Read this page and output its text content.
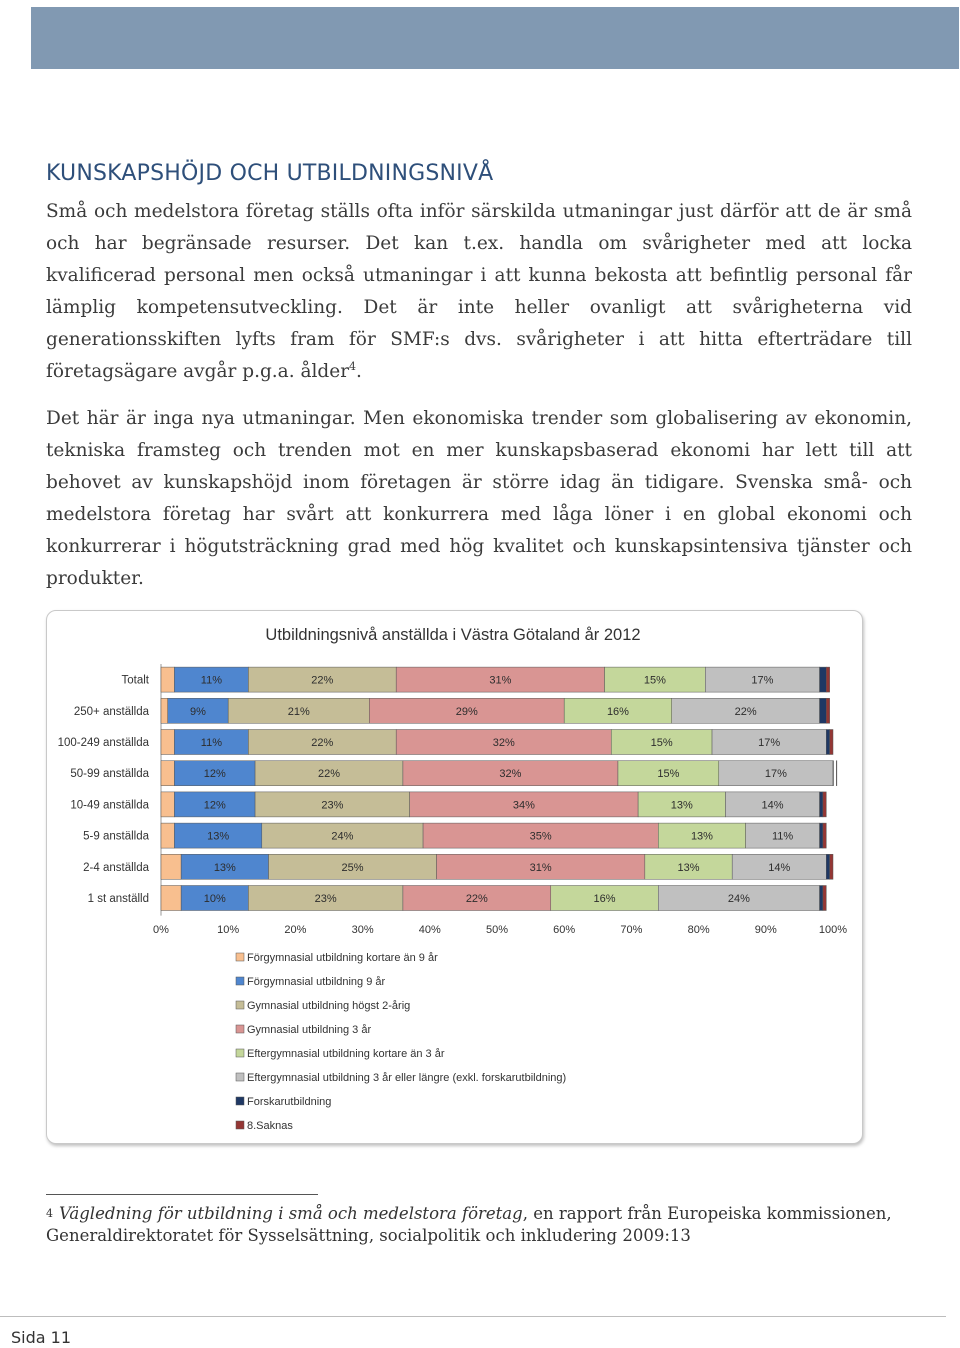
KUNSKAPSHÖJD OCH UTBILDNINGSNIVÅ

Små och medelstora företag ställs ofta inför särskilda utmaningar just därför att de är små och har begränsade resurser. Det kan t.ex. handla om svårigheter med att locka kvalificerad personal men också utmaningar i att kunna bekosta att befintlig personal får lämplig kompetensutveckling. Det är inte heller ovanligt att svårigheterna vid generationsskiften lyfts fram för SMF:s dvs. svårigheter i att hitta efterträdare till företagsägare avgår p.g.a. ålder$^4$.

Det här är inga nya utmaningar. Men ekonomiska trender som globalisering av ekonomin, tekniska framsteg och trenden mot en mer kunskapsbaserad ekonomi har lett till att behovet av kunskapshöjd inom företagen är större idag än tidigare. Svenska små- och medelstora företag har svårt att konkurrera med låga löner i en global ekonomi och konkurrerar i högutsträckning grad med hög kvalitet och kunskapsintensiva tjänster och produkter.

Utbildningsnivå anställda i Västra Götaland år 2012
Totalt	11%	22%	31%	15%	17%
250+ anställda	9%	21%	29%	16%	22%
100-249 anställda	11%	22%	32%	15%	17%
50-99 anställda	12%	22%	32%	15%	17%
10-49 anställda	12%	23%	34%	13%	14%
5-9 anställda	13%	24%	35%	13%	11%
2-4 anställda	13%	25%	31%	13%	14%
1 st anställd	10%	23%	22%	16%	24%
0%	10%	20%	30%	40%	50%	60%	70%	80%	90%	100%
Förgymnasial utbildning kortare än 9 år
Förgymnasial utbildning 9 år
Gymnasial utbildning högst 2-årig
Gymnasial utbildning 3 år
Eftergymnasial utbildning kortare än 3 år
Eftergymnasial utbildning 3 år eller längre (exkl. forskarutbildning)
Forskarutbildning
8.Saknas
$^4$ Vägledning för utbildning i små och medelstora företag, en rapport från Europeiska kommissionen, Generaldirektoratet för Sysselsättning, socialpolitik och inkludering 2009:13
Sida 11
